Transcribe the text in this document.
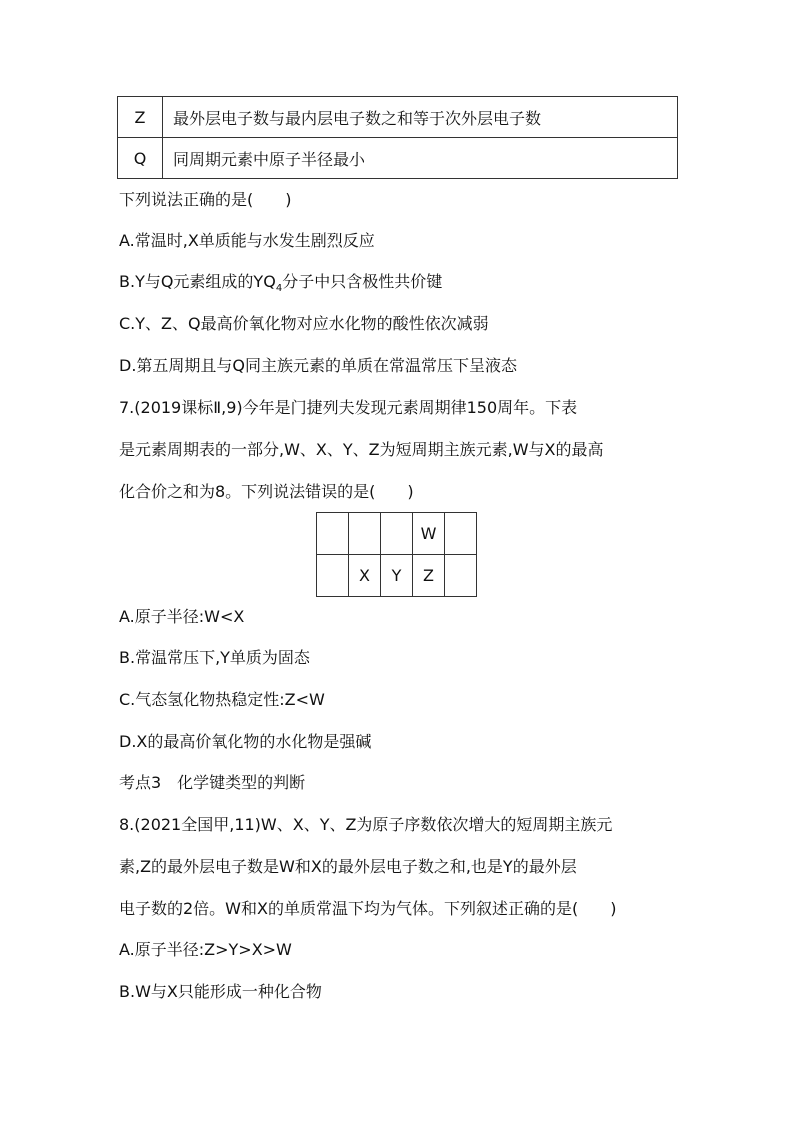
Z	最外层电子数与最内层电子数之和等于次外层电子数
Q	同周期元素中原子半径最小
下列说法正确的是(　　)
A.常温时,X单质能与水发生剧烈反应
B.Y与Q元素组成的$YQ_4$分子中只含极性共价键
C.Y、Z、Q最高价氧化物对应水化物的酸性依次减弱
D.第五周期且与Q同主族元素的单质在常温常压下呈液态
7.(2019课标Ⅱ,9)今年是门捷列夫发现元素周期律150周年。下表
是元素周期表的一部分,W、X、Y、Z为短周期主族元素,W与X的最高
化合价之和为8。下列说法错误的是(　　)
			W	
	X	Y	Z	
A.原子半径:W<X
B.常温常压下,Y单质为固态
C.气态氢化物热稳定性:Z<W
D.X的最高价氧化物的水化物是强碱
考点3　化学键类型的判断
8.(2021全国甲,11)W、X、Y、Z为原子序数依次增大的短周期主族元
素,Z的最外层电子数是W和X的最外层电子数之和,也是Y的最外层
电子数的2倍。W和X的单质常温下均为气体。下列叙述正确的是(　　)
A.原子半径:Z>Y>X>W
B.W与X只能形成一种化合物
